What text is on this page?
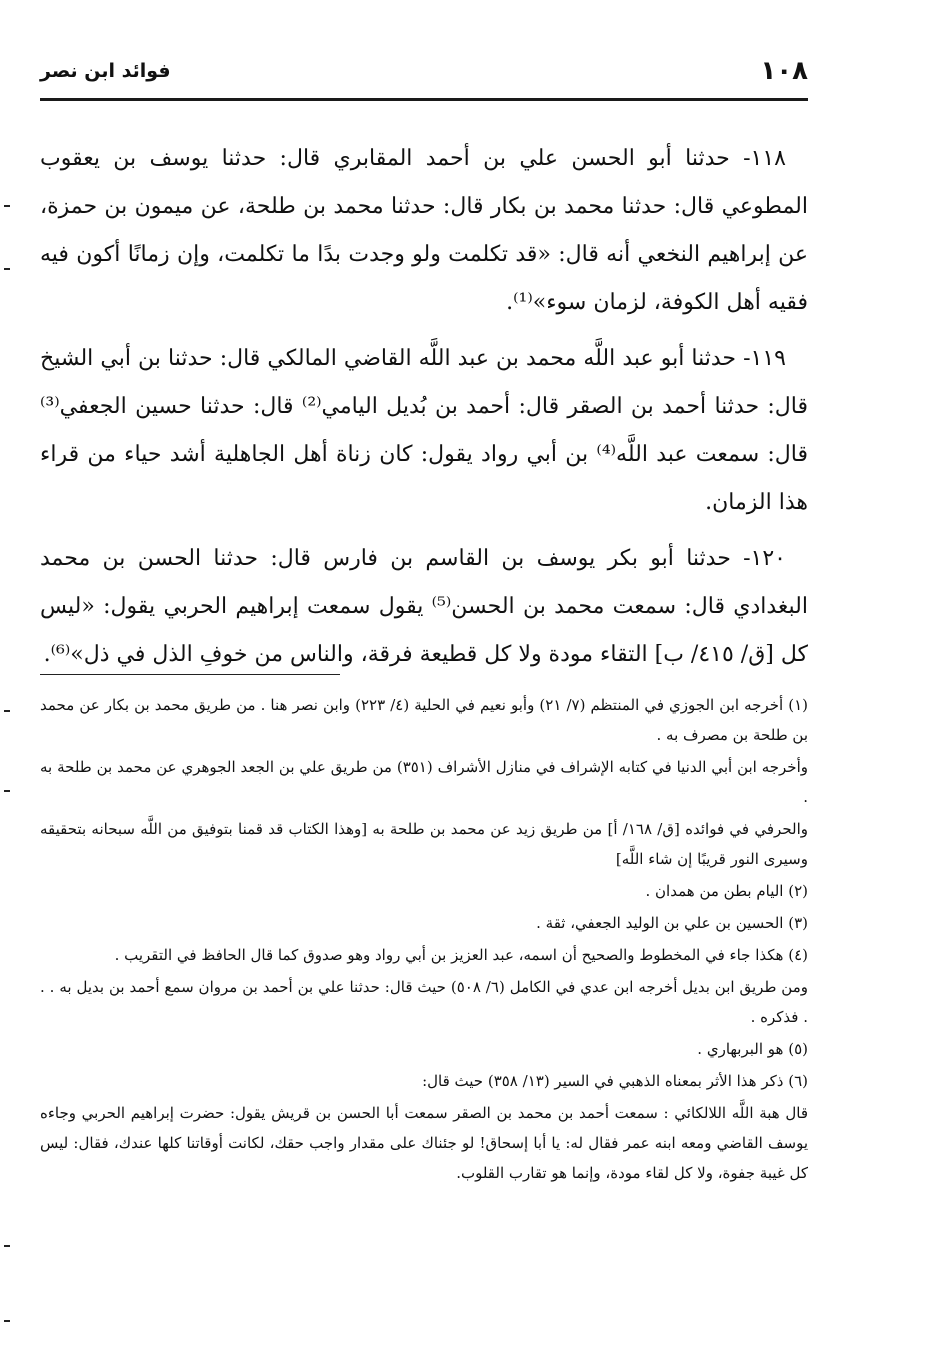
١٠٨
فوائد ابن نصر

١١٨- حدثنا أبو الحسن علي بن أحمد المقابري قال: حدثنا يوسف بن يعقوب المطوعي قال: حدثنا محمد بن بكار قال: حدثنا محمد بن طلحة، عن ميمون بن حمزة، عن إبراهيم النخعي أنه قال: «قد تكلمت ولو وجدت بدًا ما تكلمت، وإن زمانًا أكون فيه فقيه أهل الكوفة، لزمان سوء»⁽¹⁾.

١١٩- حدثنا أبو عبد اللَّه محمد بن عبد اللَّه القاضي المالكي قال: حدثنا بن أبي الشيخ قال: حدثنا أحمد بن الصقر قال: أحمد بن بُديل اليامي⁽²⁾ قال: حدثنا حسين الجعفي⁽³⁾ قال: سمعت عبد اللَّه⁽⁴⁾ بن أبي رواد يقول: كان زناة أهل الجاهلية أشد حياء من قراء هذا الزمان.

١٢٠- حدثنا أبو بكر يوسف بن القاسم بن فارس قال: حدثنا الحسن بن محمد البغدادي قال: سمعت محمد بن الحسن⁽⁵⁾ يقول سمعت إبراهيم الحربي يقول: «ليس كل [ق/ ٤١٥/ ب] التقاء مودة ولا كل قطيعة فرقة، والناس من خوفِ الذل في ذل»⁽⁶⁾.

(١) أخرجه ابن الجوزي في المنتظم (٧/ ٢١) وأبو نعيم في الحلية (٤/ ٢٢٣) وابن نصر هنا . من طريق محمد بن بكار عن محمد بن طلحة بن مصرف به .

وأخرجه ابن أبي الدنيا في كتابه الإشراف في منازل الأشراف (٣٥١) من طريق علي بن الجعد الجوهري عن محمد بن طلحة به .

والحرفي في فوائده [ق/ ١٦٨/ أ] من طريق زيد عن محمد بن طلحة به [وهذا الكتاب قد قمنا بتوفيق من اللَّه سبحانه بتحقيقه وسيرى النور قريبًا إن شاء اللَّه]

(٢) اليام بطن من همدان .

(٣) الحسين بن علي بن الوليد الجعفي، ثقة .

(٤) هكذا جاء في المخطوط والصحيح أن اسمه، عبد العزيز بن أبي رواد وهو صدوق كما قال الحافظ في التقريب .

ومن طريق ابن بديل أخرجه ابن عدي في الكامل (٦/ ٥٠٨) حيث قال: حدثنا علي بن أحمد بن مروان سمع أحمد بن بديل به . . . فذكره .

(٥) هو البربهاري .

(٦) ذكر هذا الأثر بمعناه الذهبي في السير (١٣/ ٣٥٨) حيث قال:

قال هبة اللَّه اللالكائي : سمعت أحمد بن محمد بن الصقر سمعت أبا الحسن بن قريش يقول: حضرت إبراهيم الحربي وجاءه يوسف القاضي ومعه ابنه عمر فقال له: يا أبا إسحاق! لو جئناك على مقدار واجب حقك، لكانت أوقاتنا كلها عندك، فقال: ليس كل غيبة جفوة، ولا كل لقاء مودة، وإنما هو تقارب القلوب.
